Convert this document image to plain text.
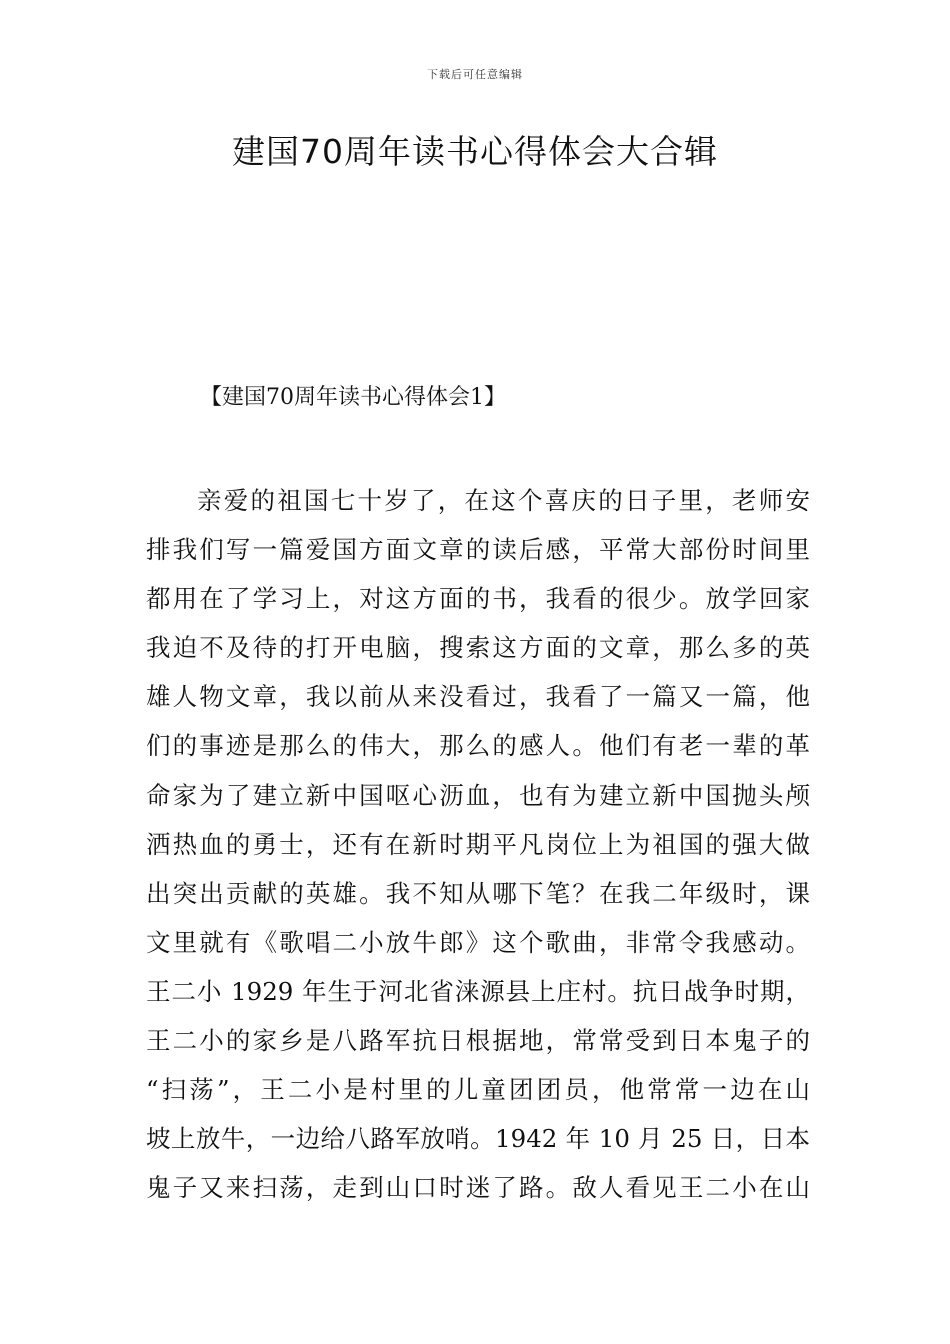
下载后可任意编辑
建国70周年读书心得体会大合辑
【建国70周年读书心得体会1】
亲爱的祖国七十岁了，在这个喜庆的日子里，老师安
排我们写一篇爱国方面文章的读后感，平常大部份时间里
都用在了学习上，对这方面的书，我看的很少。放学回家
我迫不及待的打开电脑，搜索这方面的文章，那么多的英
雄人物文章，我以前从来没看过，我看了一篇又一篇，他
们的事迹是那么的伟大，那么的感人。他们有老一辈的革
命家为了建立新中国呕心沥血，也有为建立新中国抛头颅
洒热血的勇士，还有在新时期平凡岗位上为祖国的强大做
出突出贡献的英雄。我不知从哪下笔？在我二年级时，课
文里就有《歌唱二小放牛郎》这个歌曲，非常令我感动。
王二小 1929 年生于河北省涞源县上庄村。抗日战争时期，
王二小的家乡是八路军抗日根据地，常常受到日本鬼子的
“扫荡”，王二小是村里的儿童团团员，他常常一边在山
坡上放牛，一边给八路军放哨。1942 年 10 月 25 日，日本
鬼子又来扫荡，走到山口时迷了路。敌人看见王二小在山
